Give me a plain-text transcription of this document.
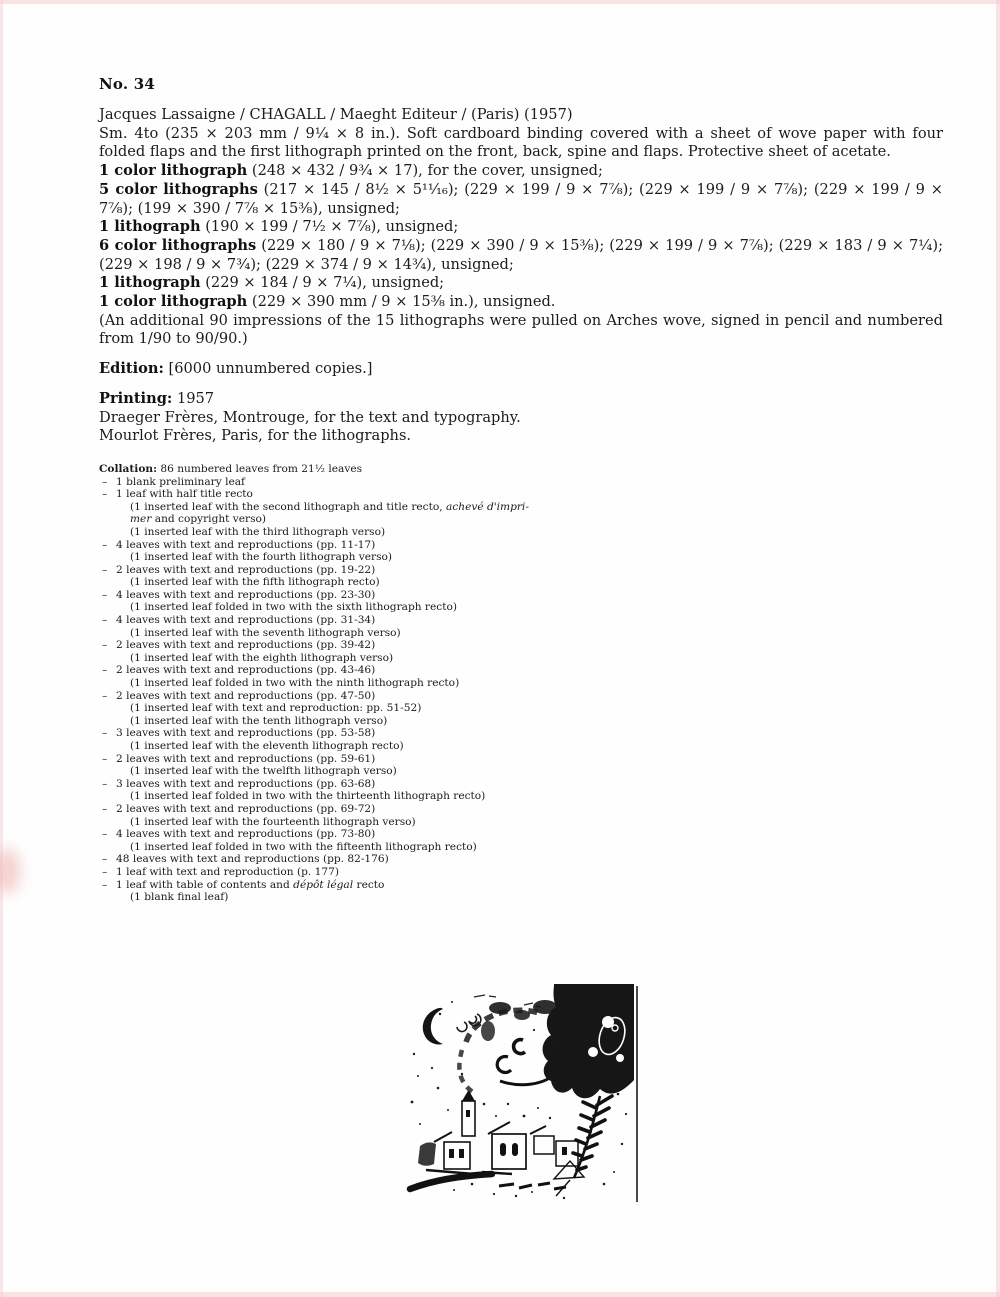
No. 34

Jacques Lassaigne / CHAGALL / Maeght Editeur / (Paris) (1957)

Sm. 4to (235 × 203 mm / 9¹⁄₄ × 8 in.). Soft cardboard binding covered with a sheet of wove paper with four folded flaps and the first lithograph printed on the front, back, spine and flaps. Protective sheet of acetate.

1 color lithograph (248 × 432 / 9³⁄₄ × 17), for the cover, unsigned;

5 color lithographs (217 × 145 / 8¹⁄₂ × 5¹¹⁄₁₆); (229 × 199 / 9 × 7⁷⁄₈); (229 × 199 / 9 × 7⁷⁄₈); (229 × 199 / 9 × 7⁷⁄₈); (199 × 390 / 7⁷⁄₈ × 15³⁄₈), unsigned;

1 lithograph (190 × 199 / 7¹⁄₂ × 7⁷⁄₈), unsigned;

6 color lithographs (229 × 180 / 9 × 7¹⁄₈); (229 × 390 / 9 × 15³⁄₈); (229 × 199 / 9 × 7⁷⁄₈); (229 × 183 / 9 × 7¹⁄₄); (229 × 198 / 9 × 7³⁄₄); (229 × 374 / 9 × 14³⁄₄), unsigned;

1 lithograph (229 × 184 / 9 × 7¹⁄₄), unsigned;

1 color lithograph (229 × 390 mm / 9 × 15³⁄₈ in.), unsigned.

(An additional 90 impressions of the 15 lithographs were pulled on Arches wove, signed in pencil and numbered from 1/90 to 90/90.)

Edition: [6000 unnumbered copies.]

Printing: 1957

Draeger Frères, Montrouge, for the text and typography.

Mourlot Frères, Paris, for the lithographs.

Collation: 86 numbered leaves from 21¹⁄₂ leaves

– 1 blank preliminary leaf
– 1 leaf with half title recto
(1 inserted leaf with the second lithograph and title recto, achevé d'impri-
mer and copyright verso)
(1 inserted leaf with the third lithograph verso)
– 4 leaves with text and reproductions (pp. 11-17)
(1 inserted leaf with the fourth lithograph verso)
– 2 leaves with text and reproductions (pp. 19-22)
(1 inserted leaf with the fifth lithograph recto)
– 4 leaves with text and reproductions (pp. 23-30)
(1 inserted leaf folded in two with the sixth lithograph recto)
– 4 leaves with text and reproductions (pp. 31-34)
(1 inserted leaf with the seventh lithograph verso)
– 2 leaves with text and reproductions (pp. 39-42)
(1 inserted leaf with the eighth lithograph verso)
– 2 leaves with text and reproductions (pp. 43-46)
(1 inserted leaf folded in two with the ninth lithograph recto)
– 2 leaves with text and reproductions (pp. 47-50)
(1 inserted leaf with text and reproduction: pp. 51-52)
(1 inserted leaf with the tenth lithograph verso)
– 3 leaves with text and reproductions (pp. 53-58)
(1 inserted leaf with the eleventh lithograph recto)
– 2 leaves with text and reproductions (pp. 59-61)
(1 inserted leaf with the twelfth lithograph verso)
– 3 leaves with text and reproductions (pp. 63-68)
(1 inserted leaf folded in two with the thirteenth lithograph recto)
– 2 leaves with text and reproductions (pp. 69-72)
(1 inserted leaf with the fourteenth lithograph verso)
– 4 leaves with text and reproductions (pp. 73-80)
(1 inserted leaf folded in two with the fifteenth lithograph recto)
– 48 leaves with text and reproductions (pp. 82-176)
– 1 leaf with text and reproduction (p. 177)
– 1 leaf with table of contents and dépôt légal recto
(1 blank final leaf)
